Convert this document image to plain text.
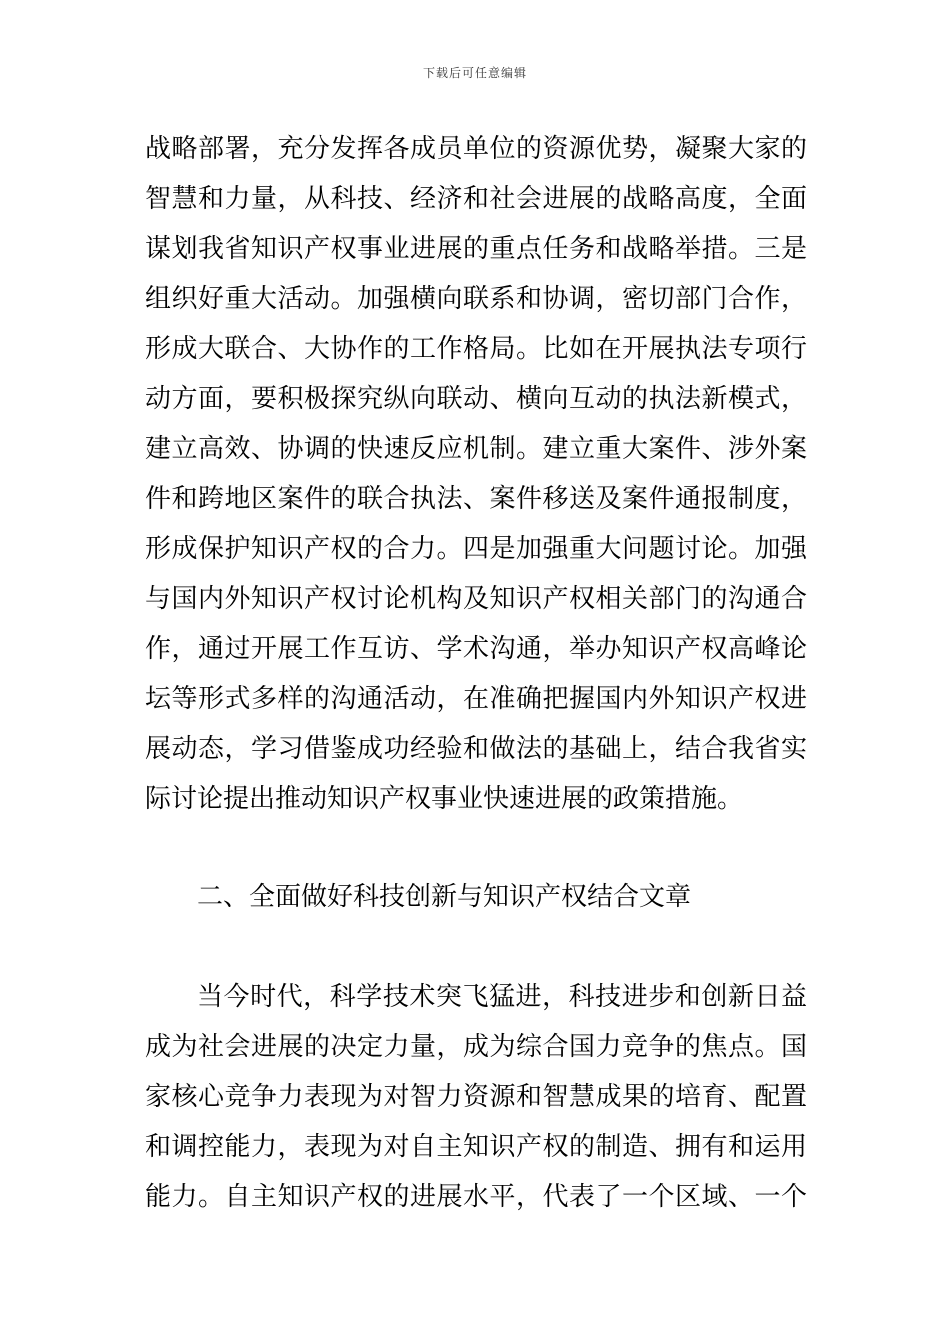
下载后可任意编辑
战略部署，充分发挥各成员单位的资源优势，凝聚大家的
智慧和力量，从科技、经济和社会进展的战略高度，全面
谋划我省知识产权事业进展的重点任务和战略举措。三是
组织好重大活动。加强横向联系和协调，密切部门合作，
形成大联合、大协作的工作格局。比如在开展执法专项行
动方面，要积极探究纵向联动、横向互动的执法新模式，
建立高效、协调的快速反应机制。建立重大案件、涉外案
件和跨地区案件的联合执法、案件移送及案件通报制度，
形成保护知识产权的合力。四是加强重大问题讨论。加强
与国内外知识产权讨论机构及知识产权相关部门的沟通合
作，通过开展工作互访、学术沟通，举办知识产权高峰论
坛等形式多样的沟通活动，在准确把握国内外知识产权进
展动态，学习借鉴成功经验和做法的基础上，结合我省实
际讨论提出推动知识产权事业快速进展的政策措施。
二、全面做好科技创新与知识产权结合文章
当今时代，科学技术突飞猛进，科技进步和创新日益
成为社会进展的决定力量，成为综合国力竞争的焦点。国
家核心竞争力表现为对智力资源和智慧成果的培育、配置
和调控能力，表现为对自主知识产权的制造、拥有和运用
能力。自主知识产权的进展水平，代表了一个区域、一个
